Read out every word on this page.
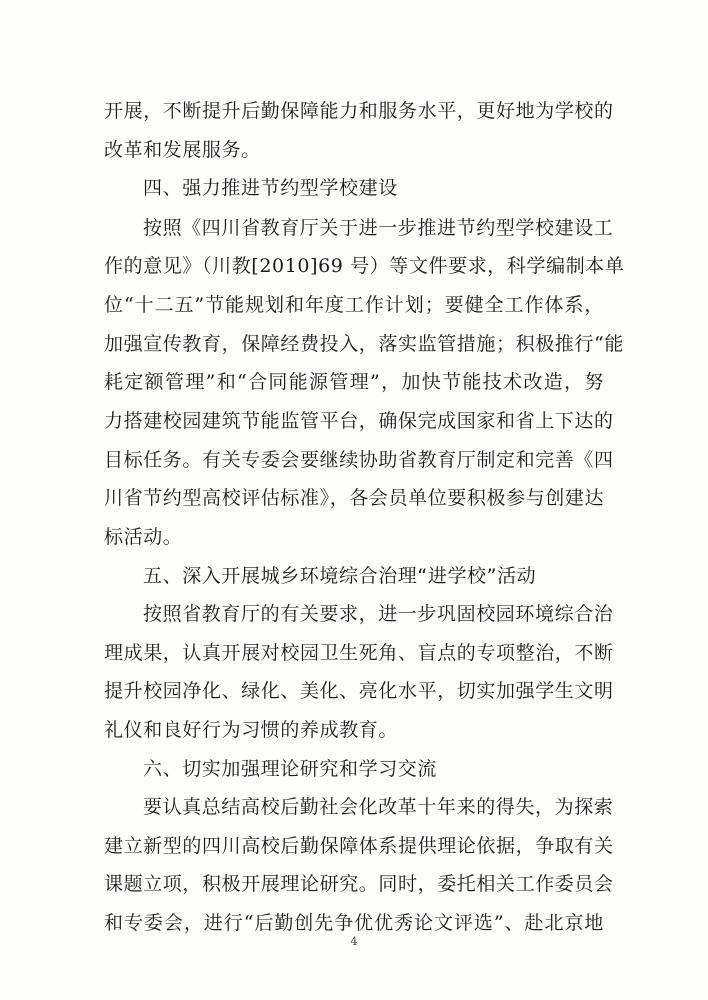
开展，不断提升后勤保障能力和服务水平，更好地为学校的
改革和发展服务。
四、强力推进节约型学校建设
按照《四川省教育厅关于进一步推进节约型学校建设工
作的意见》（川教[2010]69 号）等文件要求，科学编制本单
位“十二五”节能规划和年度工作计划；要健全工作体系，
加强宣传教育，保障经费投入，落实监管措施；积极推行“能
耗定额管理”和“合同能源管理”，加快节能技术改造，努
力搭建校园建筑节能监管平台，确保完成国家和省上下达的
目标任务。有关专委会要继续协助省教育厅制定和完善《四
川省节约型高校评估标准》，各会员单位要积极参与创建达
标活动。
五、深入开展城乡环境综合治理“进学校”活动
按照省教育厅的有关要求，进一步巩固校园环境综合治
理成果，认真开展对校园卫生死角、盲点的专项整治，不断
提升校园净化、绿化、美化、亮化水平，切实加强学生文明
礼仪和良好行为习惯的养成教育。
六、切实加强理论研究和学习交流
要认真总结高校后勤社会化改革十年来的得失，为探索
建立新型的四川高校后勤保障体系提供理论依据，争取有关
课题立项，积极开展理论研究。同时，委托相关工作委员会
和专委会，进行“后勤创先争优优秀论文评选”、赴北京地
4
